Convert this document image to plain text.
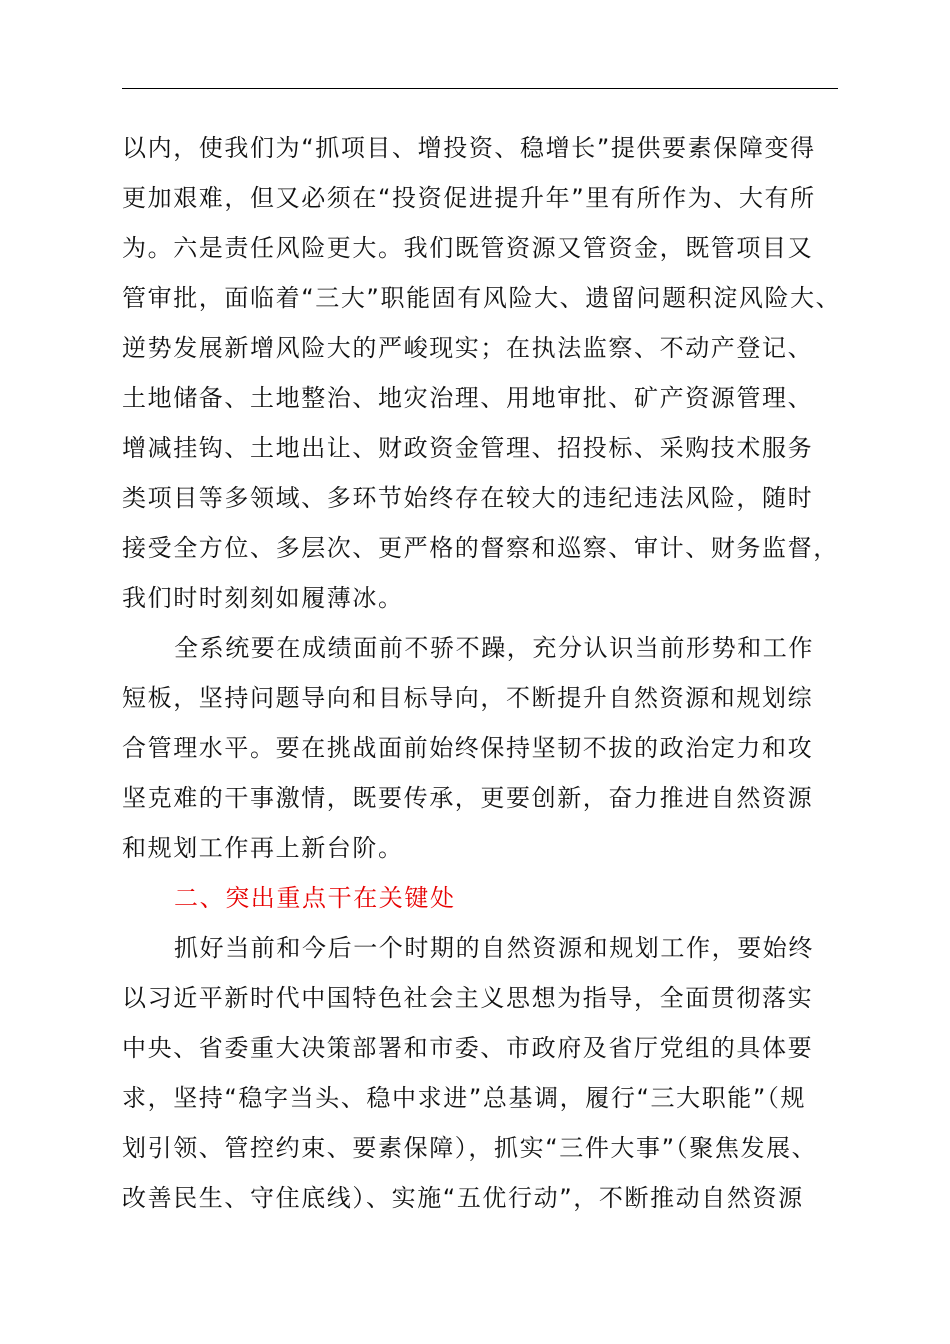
以内，使我们为“抓项目、增投资、稳增长”提供要素保障变得
更加艰难，但又必须在“投资促进提升年”里有所作为、大有所
为。六是责任风险更大。我们既管资源又管资金，既管项目又
管审批，面临着“三大”职能固有风险大、遗留问题积淀风险大、
逆势发展新增风险大的严峻现实；在执法监察、不动产登记、
土地储备、土地整治、地灾治理、用地审批、矿产资源管理、
增减挂钩、土地出让、财政资金管理、招投标、采购技术服务
类项目等多领域、多环节始终存在较大的违纪违法风险，随时
接受全方位、多层次、更严格的督察和巡察、审计、财务监督，
我们时时刻刻如履薄冰。
全系统要在成绩面前不骄不躁，充分认识当前形势和工作
短板，坚持问题导向和目标导向，不断提升自然资源和规划综
合管理水平。要在挑战面前始终保持坚韧不拔的政治定力和攻
坚克难的干事激情，既要传承，更要创新，奋力推进自然资源
和规划工作再上新台阶。
二、突出重点干在关键处
抓好当前和今后一个时期的自然资源和规划工作，要始终
以习近平新时代中国特色社会主义思想为指导，全面贯彻落实
中央、省委重大决策部署和市委、市政府及省厅党组的具体要
求，坚持“稳字当头、稳中求进”总基调，履行“三大职能”（规
划引领、管控约束、要素保障），抓实“三件大事”（聚焦发展、
改善民生、守住底线）、实施“五优行动”，不断推动自然资源
